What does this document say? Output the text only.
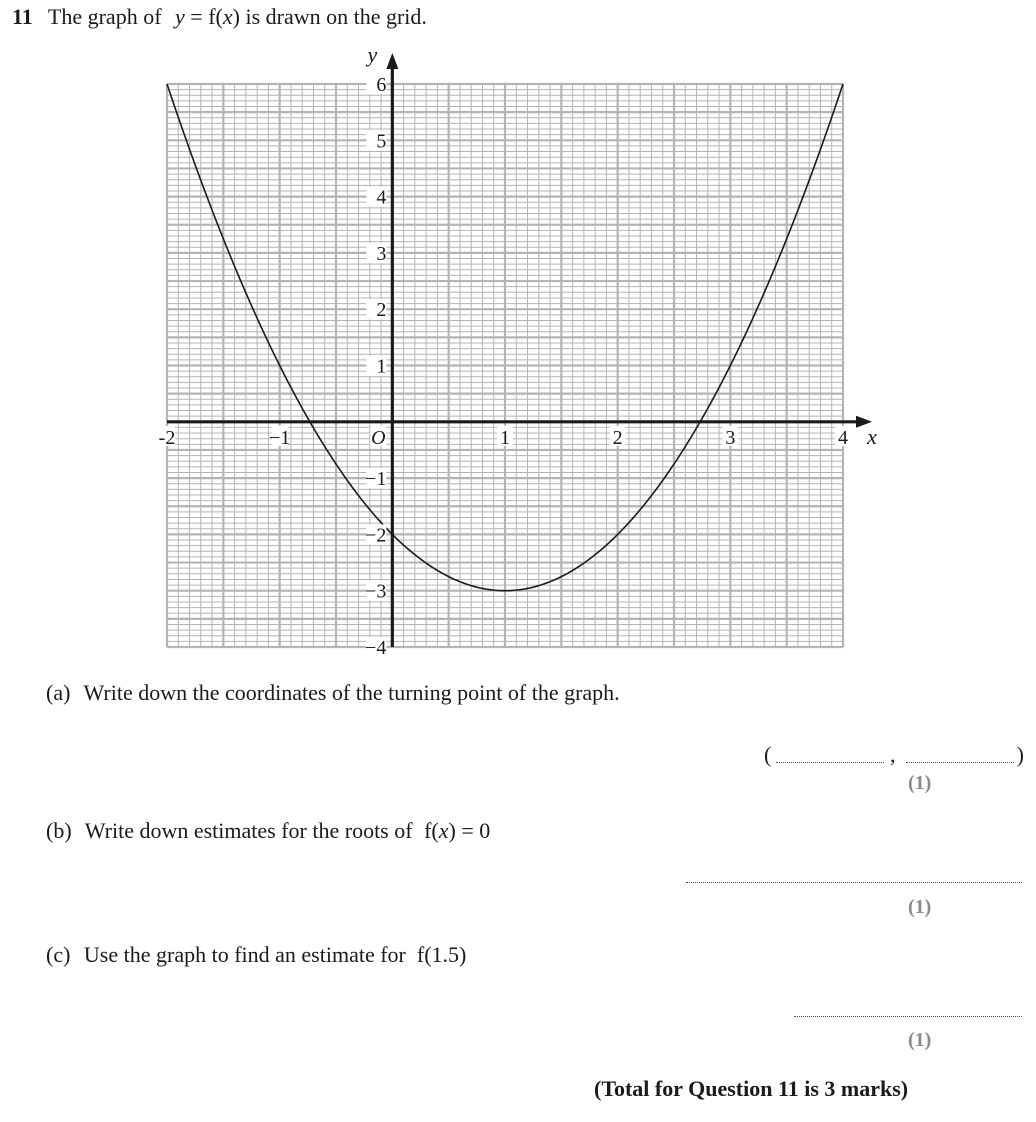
11 The graph of y = f(x) is drawn on the grid.
-2	−1	O	1	2	3	4
−4
−3
−2
−1
1
2
3
4
5
6
x
y
(a) Write down the coordinates of the turning point of the graph.
(	,	)
(1)
(b) Write down estimates for the roots of f(x) = 0
(1)
(c) Use the graph to find an estimate for  f(1.5)
(1)
(Total for Question 11 is 3 marks)
